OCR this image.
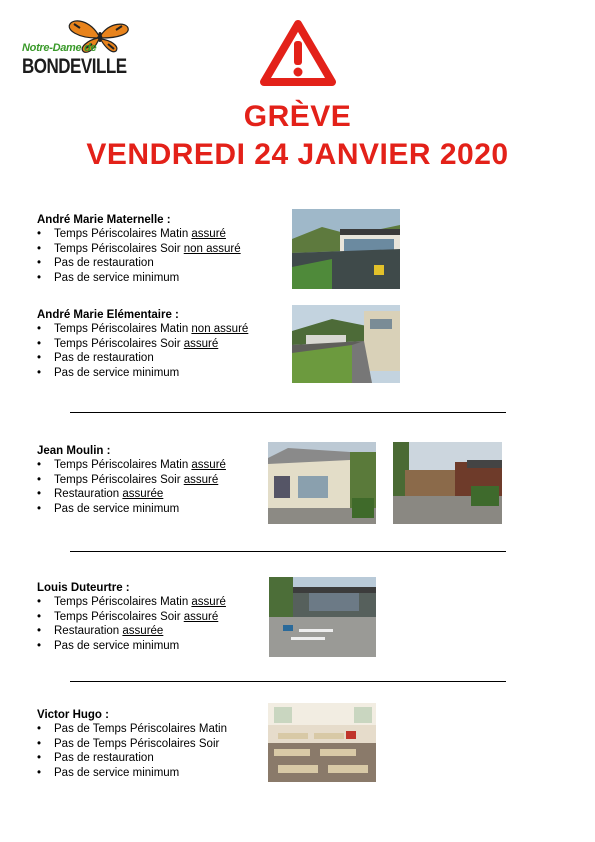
Notre-Dame de
BONDEVILLE
GRÈVE
VENDREDI 24 JANVIER 2020
André Marie Maternelle :
• Temps Périscolaires Matin assuré
• Temps Périscolaires Soir non assuré
• Pas de restauration
• Pas de service minimum
André Marie Elémentaire :
• Temps Périscolaires Matin non assuré
• Temps Périscolaires Soir assuré
• Pas de restauration
• Pas de service minimum
Jean Moulin :
• Temps Périscolaires Matin assuré
• Temps Périscolaires Soir assuré
• Restauration assurée
• Pas de service minimum
Louis Duteurtre :
• Temps Périscolaires Matin assuré
• Temps Périscolaires Soir assuré
• Restauration assurée
• Pas de service minimum
Victor Hugo :
• Pas de Temps Périscolaires Matin
• Pas de Temps Périscolaires Soir
• Pas de restauration
• Pas de service minimum
